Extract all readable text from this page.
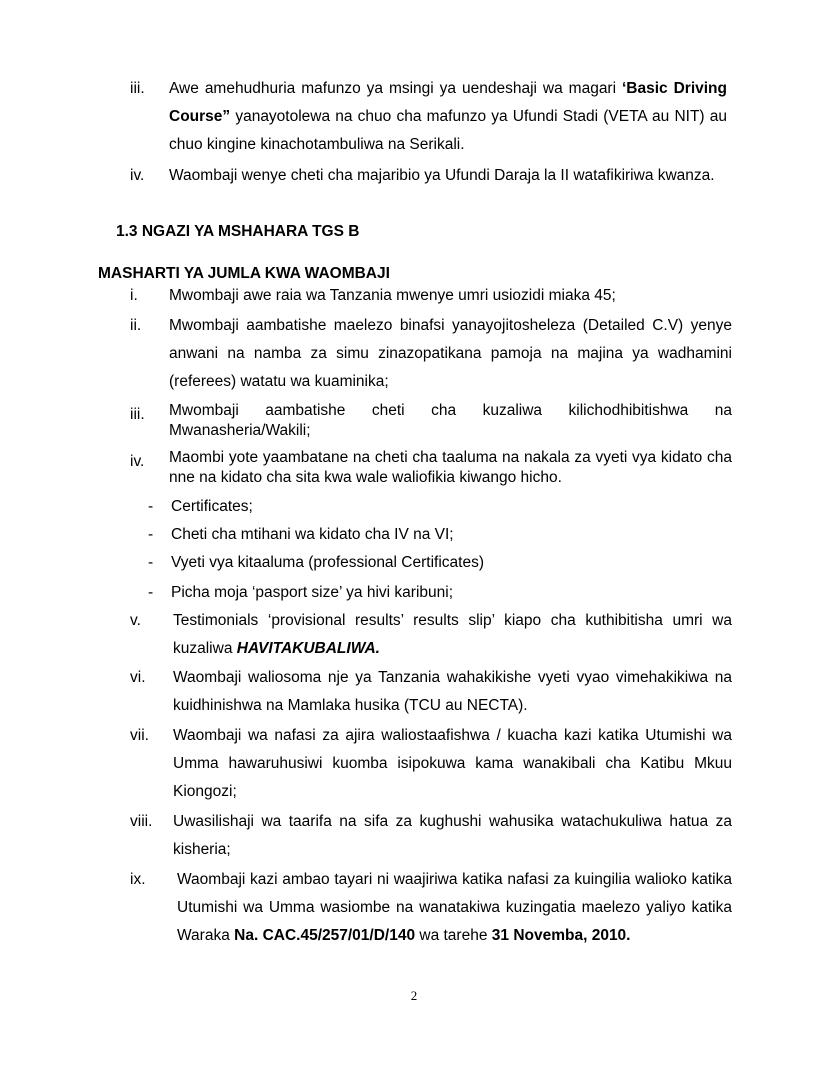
iii. Awe amehudhuria mafunzo ya msingi ya uendeshaji wa magari ‘Basic Driving Course” yanayotolewa na chuo cha mafunzo ya Ufundi Stadi (VETA au NIT) au chuo kingine kinachotambuliwa na Serikali.
iv. Waombaji wenye cheti cha majaribio ya Ufundi Daraja la II watafikiriwa kwanza.
1.3 NGAZI YA MSHAHARA TGS B
MASHARTI YA JUMLA KWA WAOMBAJI
i. Mwombaji awe raia wa Tanzania mwenye umri usiozidi miaka 45;
ii. Mwombaji aambatishe maelezo binafsi yanayojitosheleza (Detailed C.V) yenye anwani na namba za simu zinazopatikana pamoja na majina ya wadhamini (referees) watatu wa kuaminika;
iii. Mwombaji aambatishe cheti cha kuzaliwa kilichodhibitishwa na Mwanasheria/Wakili;
iv. Maombi yote yaambatane na cheti cha taaluma na nakala za vyeti vya kidato cha nne na kidato cha sita kwa wale waliofikia kiwango hicho.
- Certificates;
- Cheti cha mtihani wa kidato cha IV na VI;
- Vyeti vya kitaaluma (professional Certificates)
- Picha moja ‘pasport size’ ya hivi karibuni;
v. Testimonials ‘provisional results’ results slip’ kiapo cha kuthibitisha umri wa kuzaliwa HAVITAKUBALIWA.
vi. Waombaji waliosoma nje ya Tanzania wahakikishe vyeti vyao vimehakikiwa na kuidhinishwa na Mamlaka husika (TCU au NECTA).
vii. Waombaji wa nafasi za ajira waliostaafishwa / kuacha kazi katika Utumishi wa Umma hawaruhusiwi kuomba isipokuwa kama wanakibali cha Katibu Mkuu Kiongozi;
viii. Uwasilishaji wa taarifa na sifa za kughushi wahusika watachukuliwa hatua za kisheria;
ix. Waombaji kazi ambao tayari ni waajiriwa katika nafasi za kuingilia walioko katika Utumishi wa Umma wasiombe na wanatakiwa kuzingatia maelezo yaliyo katika Waraka Na. CAC.45/257/01/D/140 wa tarehe 31 Novemba, 2010.
2
